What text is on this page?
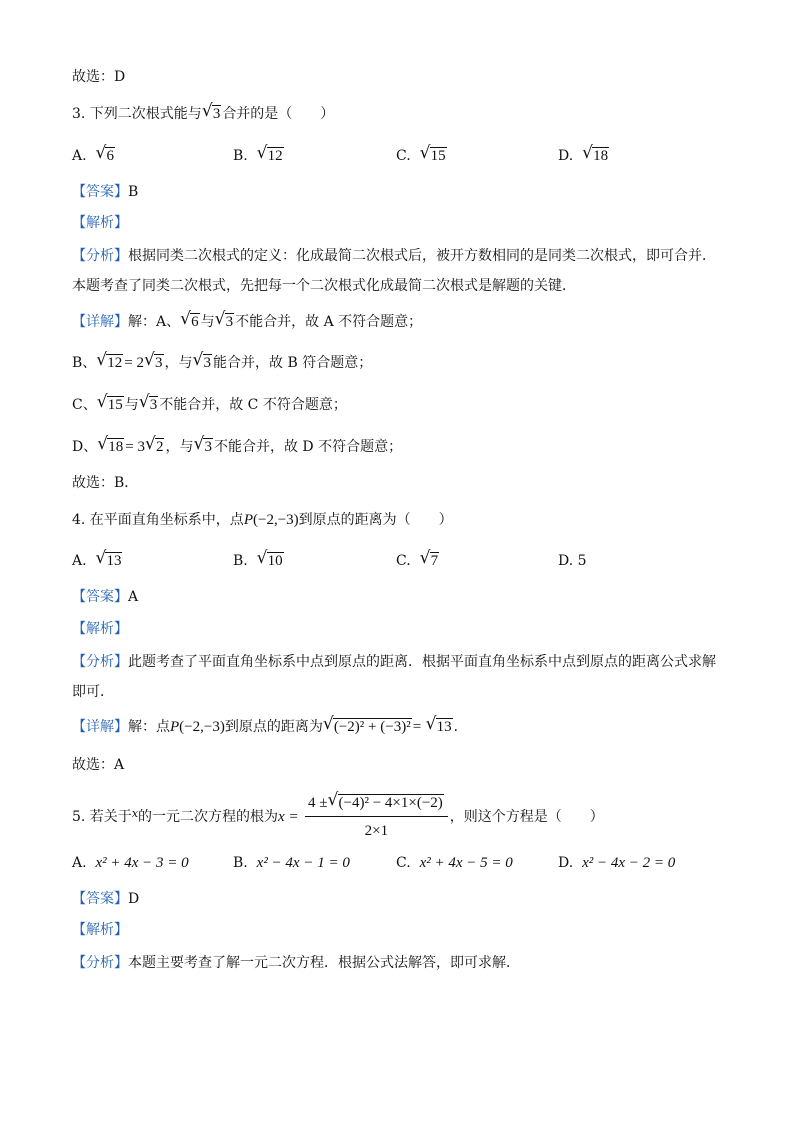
故选：D
3. 下列二次根式能与 √ 3 合并的是（　　）
A. √ 6	B. √ 12	C. √ 15	D. √ 18
【答案】B
【解析】
【分析】根据同类二次根式的定义：化成最简二次根式后，被开方数相同的是同类二次根式，即可合并．
本题考查了同类二次根式，先把每一个二次根式化成最简二次根式是解题的关键．
【详解】解：A、 √ 6 与 √ 3 不能合并，故 A 不符合题意；
B、 √ 12 = 2 √ 3 ，与 √ 3 能合并，故 B 符合题意；
C、 √ 15 与 √ 3 不能合并，故 C 不符合题意；
D、 √ 18 = 3 √ 2 ，与 √ 3 不能合并，故 D 不符合题意；
故选：B．
4. 在平面直角坐标系中，点P(−2,−3)到原点的距离为（　　）
A. √ 13	B. √ 10	C. √ 7	D. 5
【答案】A
【解析】
【分析】此题考查了平面直角坐标系中点到原点的距离．根据平面直角坐标系中点到原点的距离公式求解
即可．
【详解】解：点P(−2,−3)到原点的距离为 √ (−2)² + (−3)² = √ 13 ．
故选：A
5. 若关于$^x$的一元二次方程的根为$x = \frac{\text{4 ± √ (−4)² − 4×1×(−2)}}{2\times 1}$ ，则这个方程是（　　）
A. x² + 4x − 3 = 0	B. x² − 4x − 1 = 0	C. x² + 4x − 5 = 0	D. x² − 4x − 2 = 0
【答案】D
【解析】
【分析】本题主要考查了解一元二次方程．根据公式法解答，即可求解．
